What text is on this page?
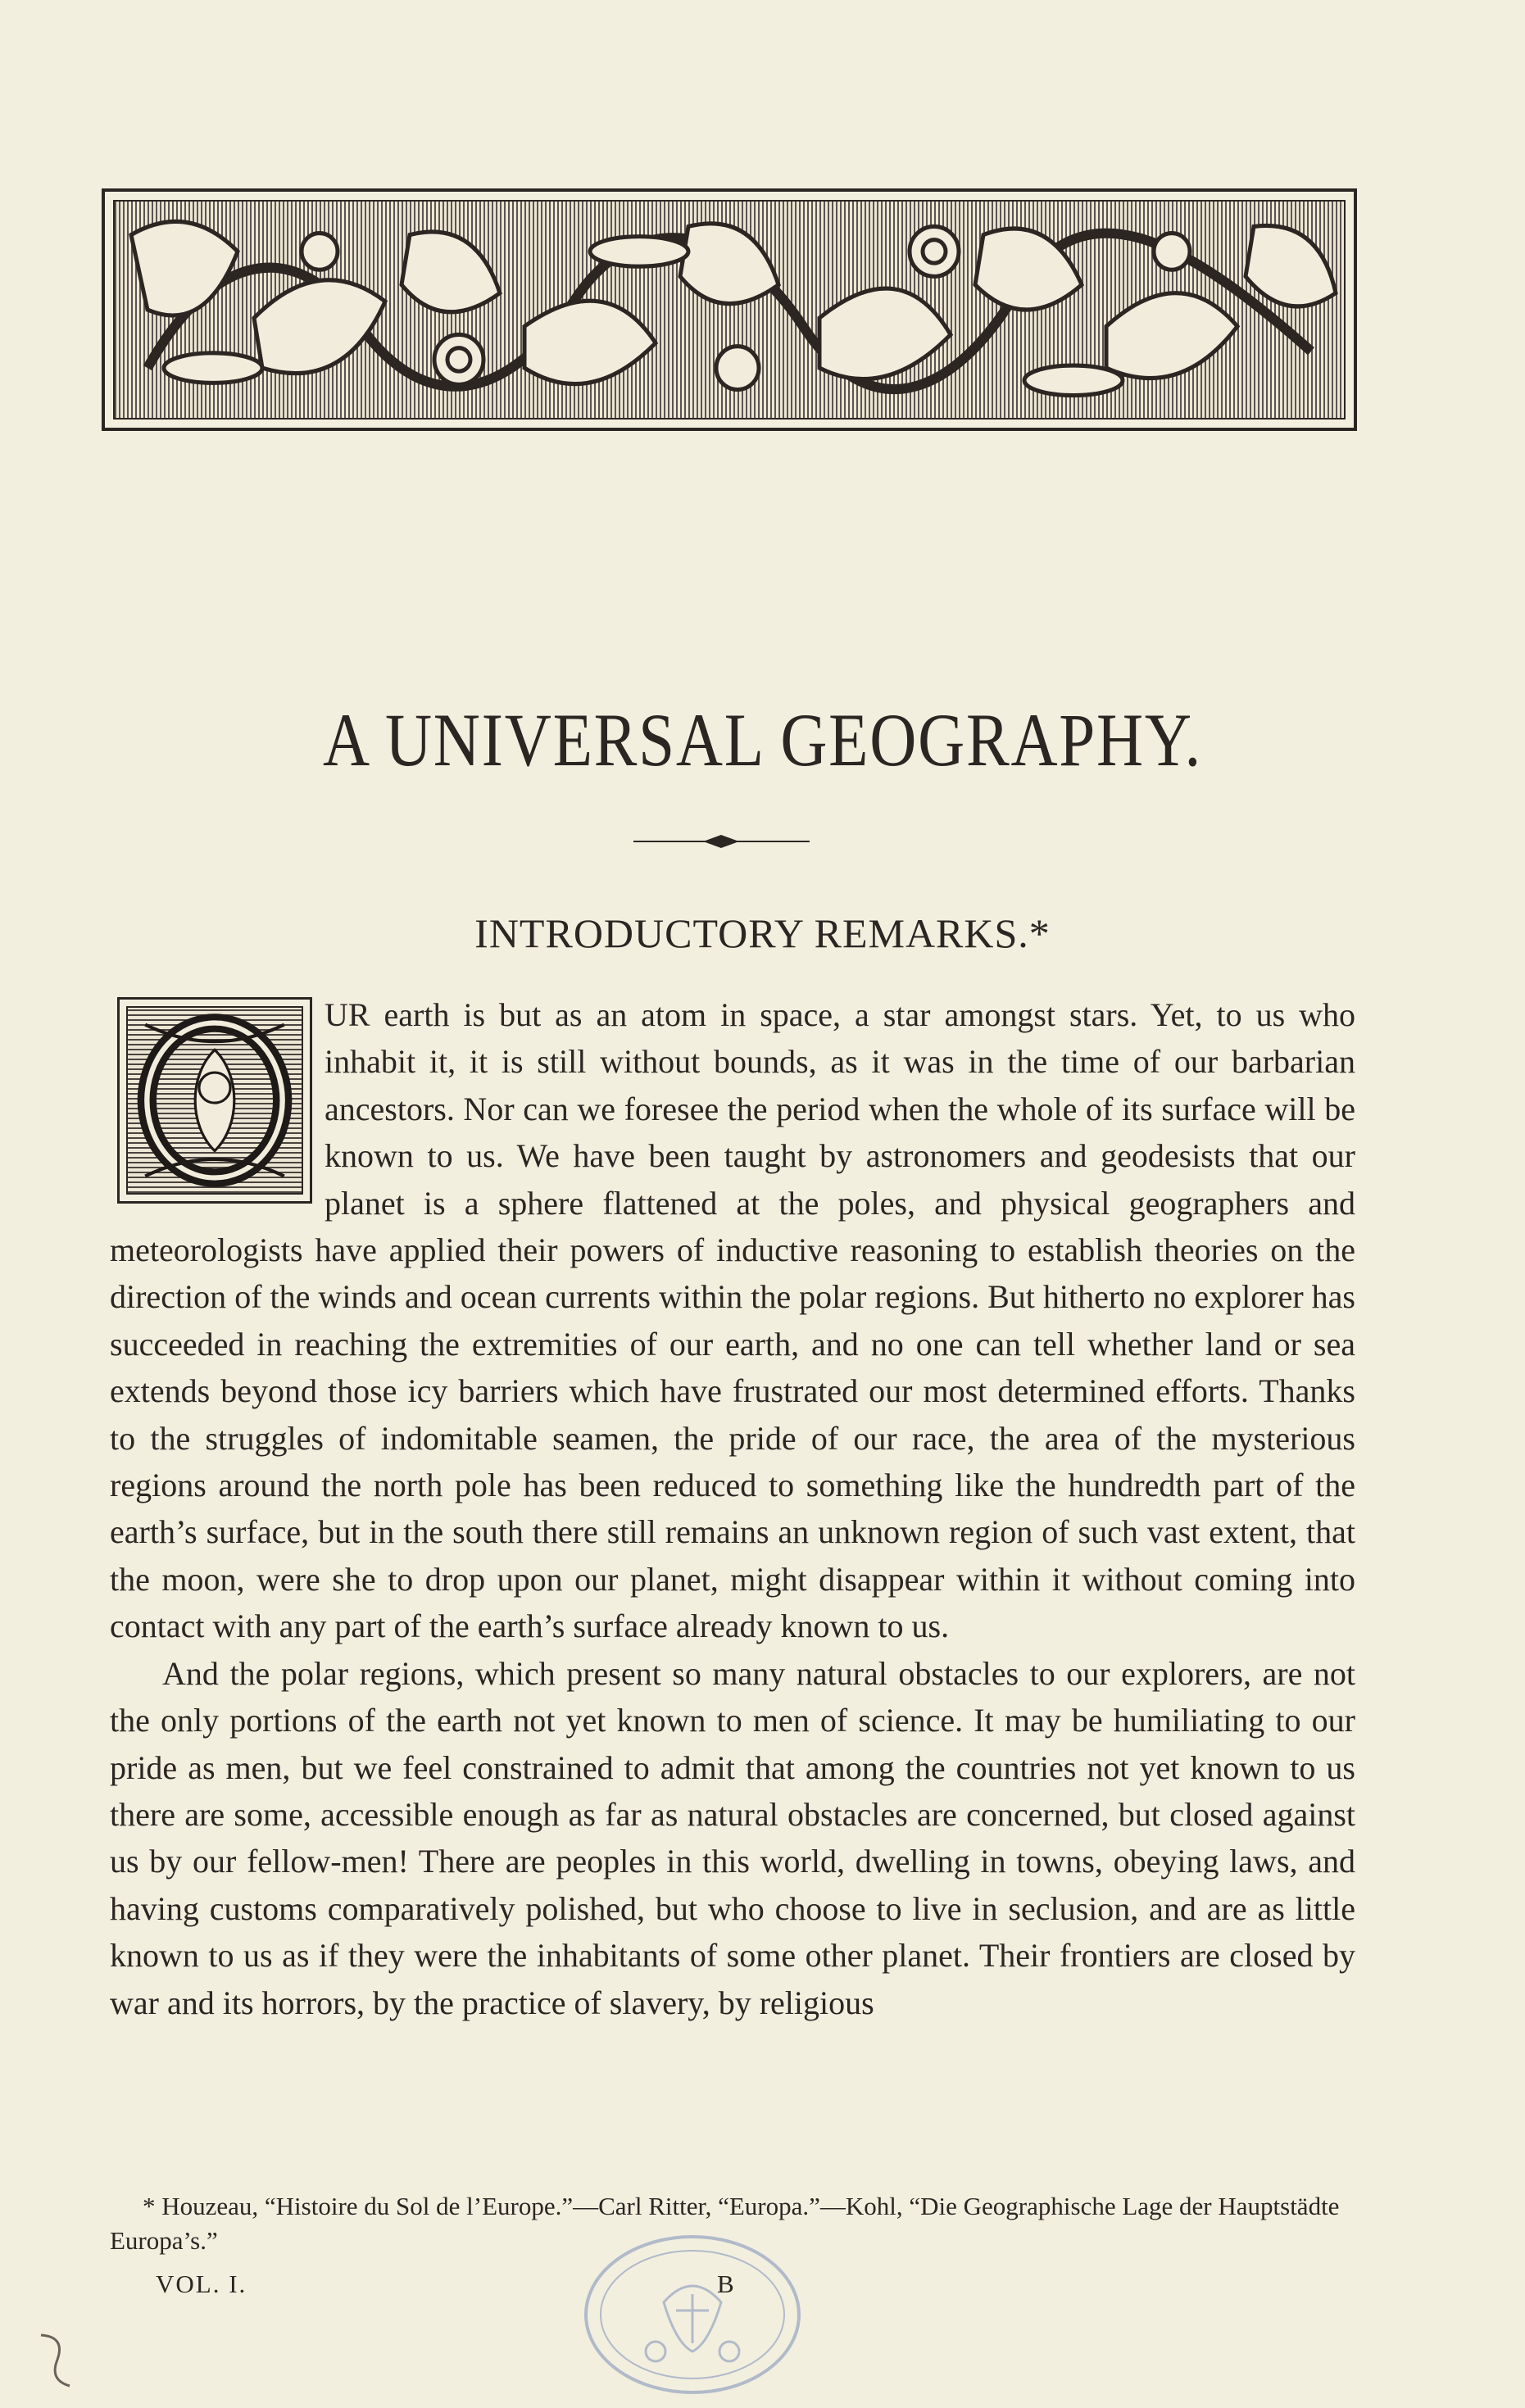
A UNIVERSAL GEOGRAPHY.
INTRODUCTORY REMARKS.*

UR earth is but as an atom in space, a star amongst stars. Yet, to us who inhabit it, it is still without bounds, as it was in the time of our barbarian ancestors. Nor can we foresee the period when the whole of its surface will be known to us. We have been taught by astronomers and geodesists that our planet is a sphere flattened at the poles, and physical geographers and meteorologists have applied their powers of inductive reasoning to establish theories on the direction of the winds and ocean currents within the polar regions. But hitherto no explorer has succeeded in reaching the extremities of our earth, and no one can tell whether land or sea extends beyond those icy barriers which have frustrated our most determined efforts. Thanks to the struggles of indomitable seamen, the pride of our race, the area of the mysterious regions around the north pole has been reduced to something like the hundredth part of the earth’s surface, but in the south there still remains an unknown region of such vast extent, that the moon, were she to drop upon our planet, might disappear within it without coming into contact with any part of the earth’s surface already known to us.

And the polar regions, which present so many natural obstacles to our explorers, are not the only portions of the earth not yet known to men of science. It may be humiliating to our pride as men, but we feel constrained to admit that among the countries not yet known to us there are some, accessible enough as far as natural obstacles are concerned, but closed against us by our fellow-men! There are peoples in this world, dwelling in towns, obeying laws, and having customs comparatively polished, but who choose to live in seclusion, and are as little known to us as if they were the inhabitants of some other planet. Their frontiers are closed by war and its horrors, by the practice of slavery, by religious

* Houzeau, “Histoire du Sol de l’Europe.”—Carl Ritter, “Europa.”—Kohl, “Die Geographische Lage der Hauptstädte Europa’s.”
VOL. I.	B
